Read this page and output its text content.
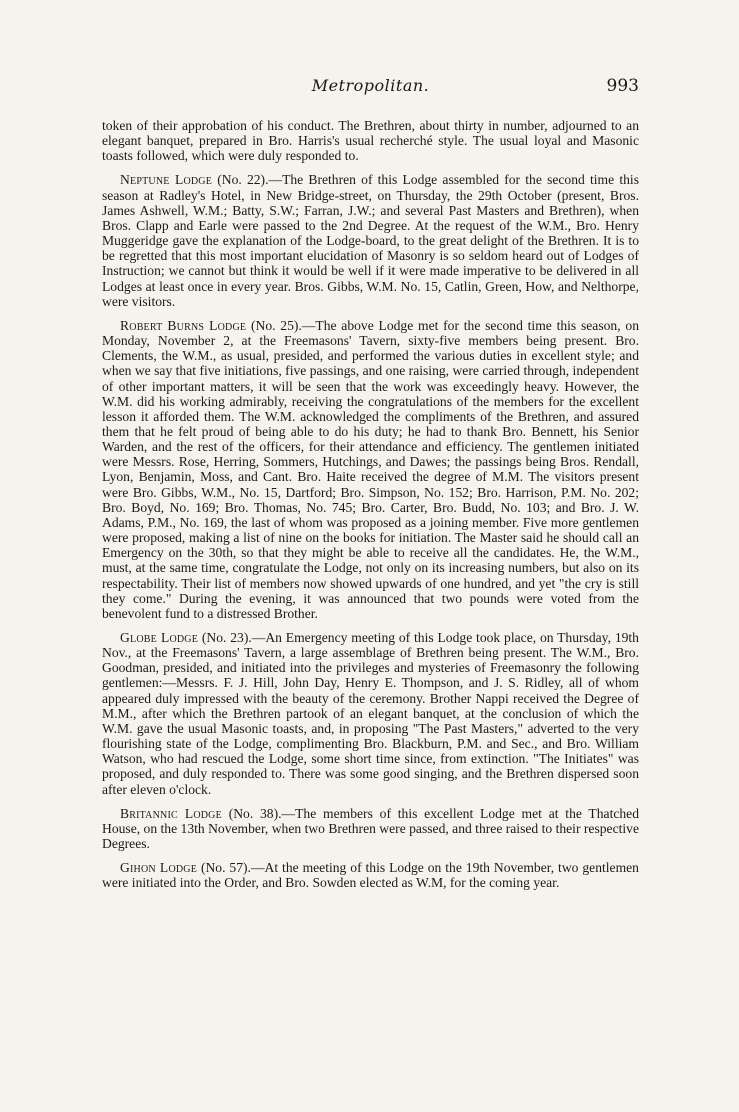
Metropolitan.	993

token of their approbation of his conduct. The Brethren, about thirty in number, adjourned to an elegant banquet, prepared in Bro. Harris's usual recherché style. The usual loyal and Masonic toasts followed, which were duly responded to.

Neptune Lodge (No. 22).—The Brethren of this Lodge assembled for the second time this season at Radley's Hotel, in New Bridge-street, on Thursday, the 29th October (present, Bros. James Ashwell, W.M.; Batty, S.W.; Farran, J.W.; and several Past Masters and Brethren), when Bros. Clapp and Earle were passed to the 2nd Degree. At the request of the W.M., Bro. Henry Muggeridge gave the explanation of the Lodge-board, to the great delight of the Brethren. It is to be regretted that this most important elucidation of Masonry is so seldom heard out of Lodges of Instruction; we cannot but think it would be well if it were made imperative to be delivered in all Lodges at least once in every year. Bros. Gibbs, W.M. No. 15, Catlin, Green, How, and Nelthorpe, were visitors.

Robert Burns Lodge (No. 25).—The above Lodge met for the second time this season, on Monday, November 2, at the Freemasons' Tavern, sixty-five members being present. Bro. Clements, the W.M., as usual, presided, and performed the various duties in excellent style; and when we say that five initiations, five passings, and one raising, were carried through, independent of other important matters, it will be seen that the work was exceedingly heavy. However, the W.M. did his working admirably, receiving the congratulations of the members for the excellent lesson it afforded them. The W.M. acknowledged the compliments of the Brethren, and assured them that he felt proud of being able to do his duty; he had to thank Bro. Bennett, his Senior Warden, and the rest of the officers, for their attendance and efficiency. The gentlemen initiated were Messrs. Rose, Herring, Sommers, Hutchings, and Dawes; the passings being Bros. Rendall, Lyon, Benjamin, Moss, and Cant. Bro. Haite received the degree of M.M. The visitors present were Bro. Gibbs, W.M., No. 15, Dartford; Bro. Simpson, No. 152; Bro. Harrison, P.M. No. 202; Bro. Boyd, No. 169; Bro. Thomas, No. 745; Bro. Carter, Bro. Budd, No. 103; and Bro. J. W. Adams, P.M., No. 169, the last of whom was proposed as a joining member. Five more gentlemen were proposed, making a list of nine on the books for initiation. The Master said he should call an Emergency on the 30th, so that they might be able to receive all the candidates. He, the W.M., must, at the same time, congratulate the Lodge, not only on its increasing numbers, but also on its respectability. Their list of members now showed upwards of one hundred, and yet "the cry is still they come." During the evening, it was announced that two pounds were voted from the benevolent fund to a distressed Brother.

Globe Lodge (No. 23).—An Emergency meeting of this Lodge took place, on Thursday, 19th Nov., at the Freemasons' Tavern, a large assemblage of Brethren being present. The W.M., Bro. Goodman, presided, and initiated into the privileges and mysteries of Freemasonry the following gentlemen:—Messrs. F. J. Hill, John Day, Henry E. Thompson, and J. S. Ridley, all of whom appeared duly impressed with the beauty of the ceremony. Brother Nappi received the Degree of M.M., after which the Brethren partook of an elegant banquet, at the conclusion of which the W.M. gave the usual Masonic toasts, and, in proposing "The Past Masters," adverted to the very flourishing state of the Lodge, complimenting Bro. Blackburn, P.M. and Sec., and Bro. William Watson, who had rescued the Lodge, some short time since, from extinction. "The Initiates" was proposed, and duly responded to. There was some good singing, and the Brethren dispersed soon after eleven o'clock.

Britannic Lodge (No. 38).—The members of this excellent Lodge met at the Thatched House, on the 13th November, when two Brethren were passed, and three raised to their respective Degrees.

Gihon Lodge (No. 57).—At the meeting of this Lodge on the 19th November, two gentlemen were initiated into the Order, and Bro. Sowden elected as W.M, for the coming year.
